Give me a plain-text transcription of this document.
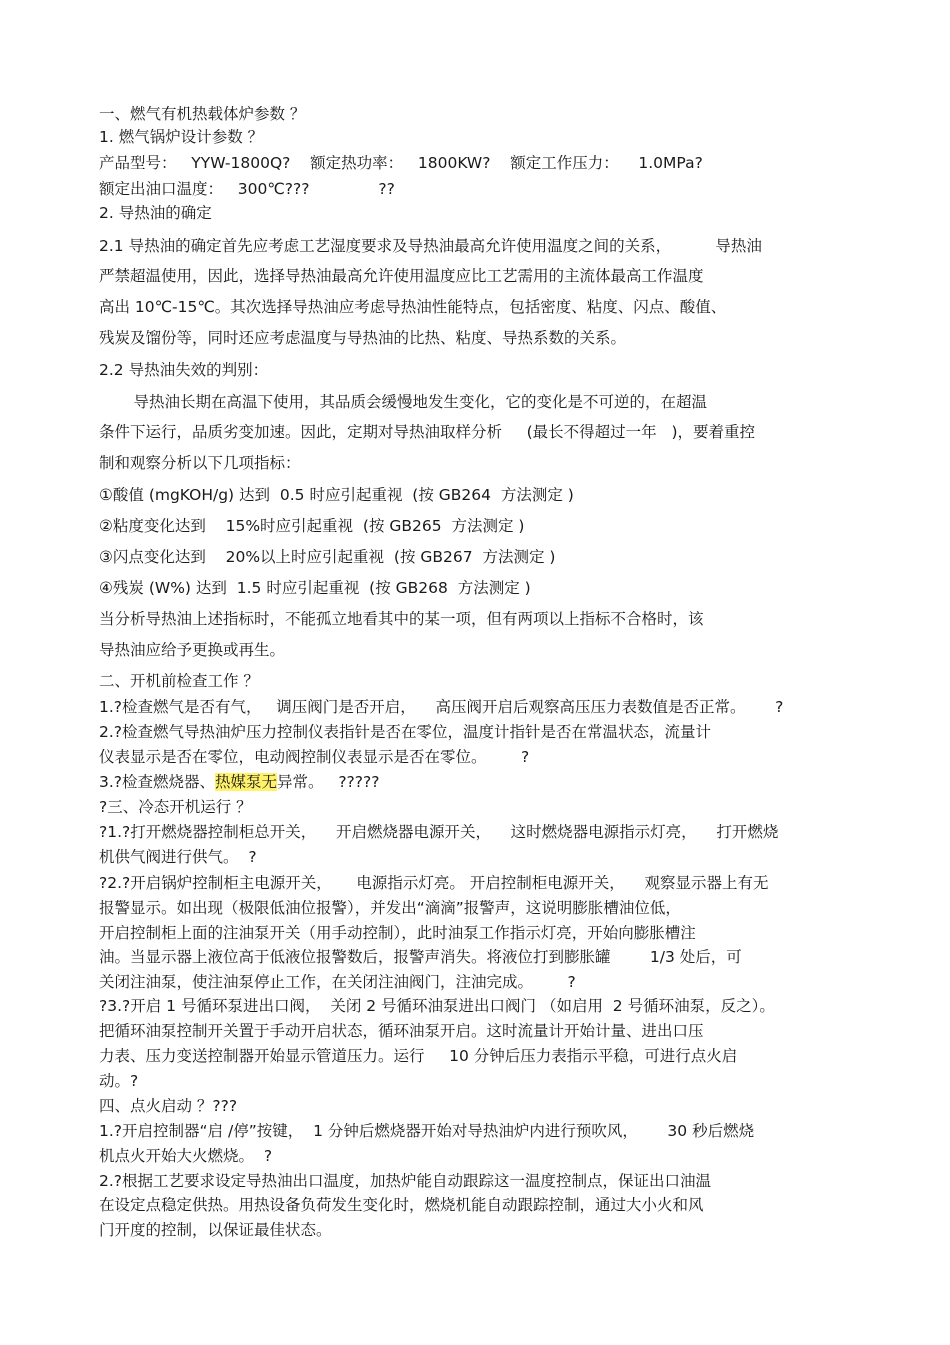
一、燃气有机热载体炉参数 ？
1. 燃气锅炉设计参数 ？
产品型号：   YYW-1800Q?    额定热功率：   1800KW?    额定工作压力：    1.0MPa?
额定出油口温度：   300℃???              ??
2. 导热油的确定
2.1 导热油的确定首先应考虑工艺湿度要求及导热油最高允许使用温度之间的关系，         导热油
严禁超温使用，因此，选择导热油最高允许使用温度应比工艺需用的主流体最高工作温度
高出 10℃-15℃。其次选择导热油应考虑导热油性能特点，包括密度、粘度、闪点、酸值、
残炭及馏份等，同时还应考虑温度与导热油的比热、粘度、导热系数的关系。
2.2 导热油失效的判别：
导热油长期在高温下使用，其品质会缓慢地发生变化，它的变化是不可逆的，在超温
条件下运行，品质劣变加速。因此，定期对导热油取样分析     (最长不得超过一年   )，要着重控
制和观察分析以下几项指标：
①酸值 (mgKOH/g) 达到  0.5 时应引起重视  (按 GB264  方法测定 )
②粘度变化达到    15%时应引起重视  (按 GB265  方法测定 )
③闪点变化达到    20%以上时应引起重视  (按 GB267  方法测定 )
④残炭 (W%) 达到  1.5 时应引起重视  (按 GB268  方法测定 )
当分析导热油上述指标时，不能孤立地看其中的某一项，但有两项以上指标不合格时，该
导热油应给予更换或再生。
二、开机前检查工作 ？
1.?检查燃气是否有气，   调压阀门是否开启，    高压阀开启后观察高压压力表数值是否正常。      ?
2.?检查燃气导热油炉压力控制仪表指针是否在零位，温度计指针是否在常温状态，流量计
仪表显示是否在零位，电动阀控制仪表显示是否在零位。       ?
3.?检查燃烧器、热媒泵无异常。   ?????
?三、冷态开机运行 ？
?1.?打开燃烧器控制柜总开关，    开启燃烧器电源开关，    这时燃烧器电源指示灯亮，    打开燃烧
机供气阀进行供气。  ?
?2.?开启锅炉控制柜主电源开关，     电源指示灯亮。 开启控制柜电源开关，    观察显示器上有无
报警显示。如出现（极限低油位报警），并发出“滴滴”报警声，这说明膨胀槽油位低，
开启控制柜上面的注油泵开关（用手动控制），此时油泵工作指示灯亮，开始向膨胀槽注
油。当显示器上液位高于低液位报警数后，报警声消失。将液位打到膨胀罐        1/3 处后，可
关闭注油泵，使注油泵停止工作，在关闭注油阀门，注油完成。       ?
?3.?开启 1 号循环泵进出口阀，  关闭 2 号循环油泵进出口阀门 （如启用  2 号循环油泵，反之）。
把循环油泵控制开关置于手动开启状态，循环油泵开启。这时流量计开始计量、进出口压
力表、压力变送控制器开始显示管道压力。运行     10 分钟后压力表指示平稳，可进行点火启
动。?
四、点火启动 ？???
1.?开启控制器“启 /停”按键，  1 分钟后燃烧器开始对导热油炉内进行预吹风，      30 秒后燃烧
机点火开始大火燃烧。  ?
2.?根据工艺要求设定导热油出口温度，加热炉能自动跟踪这一温度控制点，保证出口油温
在设定点稳定供热。用热设备负荷发生变化时，燃烧机能自动跟踪控制，通过大小火和风
门开度的控制，以保证最佳状态。
